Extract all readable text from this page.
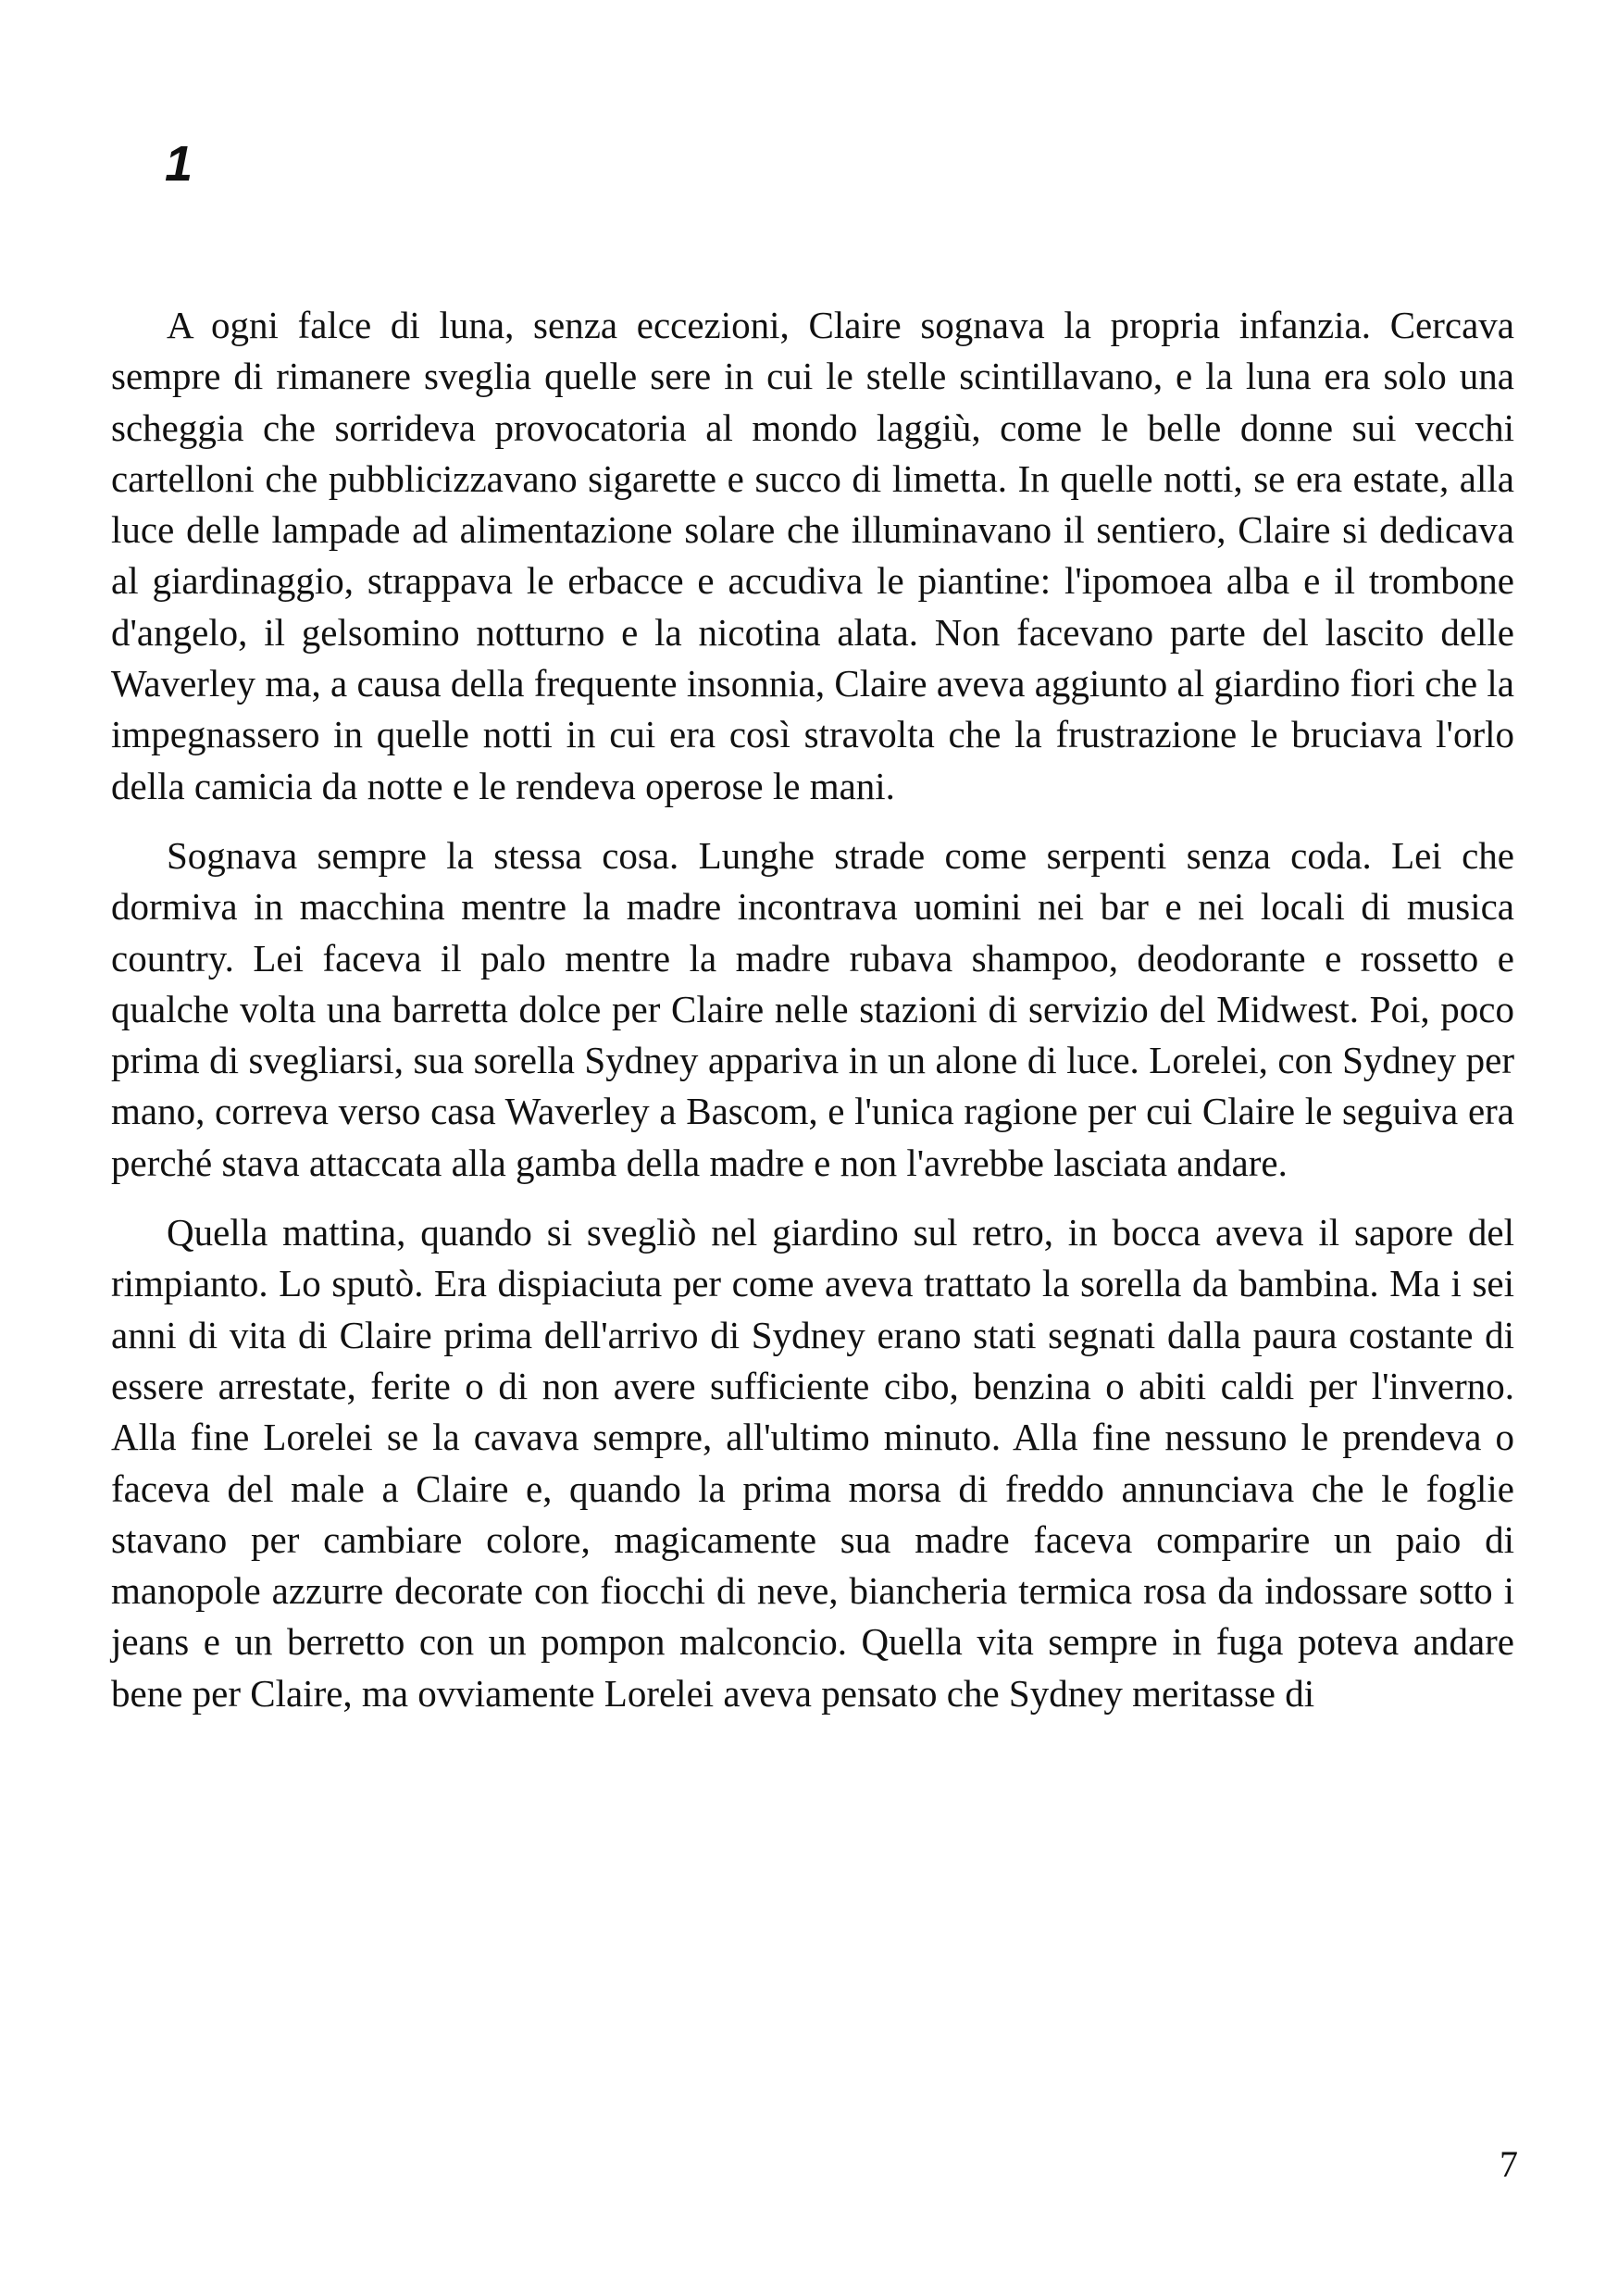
1

A ogni falce di luna, senza eccezioni, Claire sognava la propria infanzia. Cercava sempre di rimanere sveglia quelle sere in cui le stelle scintillavano, e la luna era solo una scheggia che sorrideva provocatoria al mondo laggiù, come le belle donne sui vecchi cartelloni che pubblicizzavano sigarette e succo di limetta. In quelle notti, se era estate, alla luce delle lampade ad alimentazione solare che illuminavano il sentiero, Claire si dedicava al giardinaggio, strappava le erbacce e accudiva le piantine: l'ipomoea alba e il trombone d'angelo, il gelsomino notturno e la nicotina alata. Non facevano parte del lascito delle Waverley ma, a causa della frequente insonnia, Claire aveva aggiunto al giardino fiori che la impegnassero in quelle notti in cui era così stravolta che la frustrazione le bruciava l'orlo della camicia da notte e le rendeva operose le mani.

Sognava sempre la stessa cosa. Lunghe strade come serpenti senza coda. Lei che dormiva in macchina mentre la madre incontrava uomini nei bar e nei locali di musica country. Lei faceva il palo mentre la madre rubava shampoo, deodorante e rossetto e qualche volta una barretta dolce per Claire nelle stazioni di servizio del Midwest. Poi, poco prima di svegliarsi, sua sorella Sydney appariva in un alone di luce. Lorelei, con Sydney per mano, correva verso casa Waverley a Bascom, e l'unica ragione per cui Claire le seguiva era perché stava attaccata alla gamba della madre e non l'avrebbe lasciata andare.

Quella mattina, quando si svegliò nel giardino sul retro, in bocca aveva il sapore del rimpianto. Lo sputò. Era dispiaciuta per come aveva trattato la sorella da bambina. Ma i sei anni di vita di Claire prima dell'arrivo di Sydney erano stati segnati dalla paura costante di essere arrestate, ferite o di non avere sufficiente cibo, benzina o abiti caldi per l'inverno. Alla fine Lorelei se la cavava sempre, all'ultimo minuto. Alla fine nessuno le prendeva o faceva del male a Claire e, quando la prima morsa di freddo annunciava che le foglie stavano per cambiare colore, magicamente sua madre faceva comparire un paio di manopole azzurre decorate con fiocchi di neve, biancheria termica rosa da indossare sotto i jeans e un berretto con un pompon malconcio. Quella vita sempre in fuga poteva andare bene per Claire, ma ovviamente Lorelei aveva pensato che Sydney meritasse di

7
